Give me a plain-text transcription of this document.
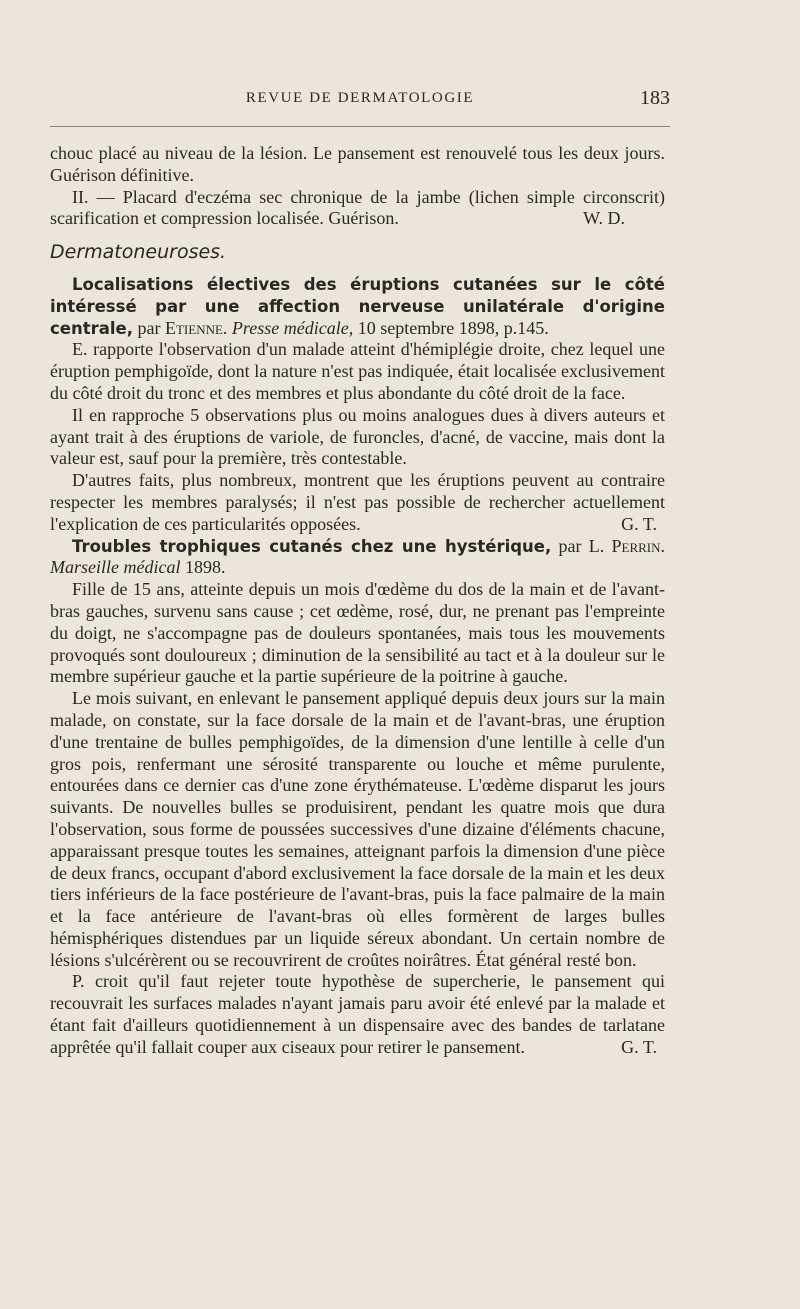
REVUE DE DERMATOLOGIE	183

chouc placé au niveau de la lésion. Le pansement est renouvelé tous les deux jours. Guérison définitive.

II. — Placard d'eczéma sec chronique de la jambe (lichen simple circonscrit) scarification et compression localisée. Guérison.	W. D.

Dermatoneuroses.

Localisations électives des éruptions cutanées sur le côté intéressé par une affection nerveuse unilatérale d'origine centrale, par Etienne. Presse médicale, 10 septembre 1898, p.145.

E. rapporte l'observation d'un malade atteint d'hémiplégie droite, chez lequel une éruption pemphigoïde, dont la nature n'est pas indiquée, était localisée exclusivement du côté droit du tronc et des membres et plus abondante du côté droit de la face.

Il en rapproche 5 observations plus ou moins analogues dues à divers auteurs et ayant trait à des éruptions de variole, de furoncles, d'acné, de vaccine, mais dont la valeur est, sauf pour la première, très contestable.

D'autres faits, plus nombreux, montrent que les éruptions peuvent au contraire respecter les membres paralysés; il n'est pas possible de rechercher actuellement l'explication de ces particularités opposées.	G. T.

Troubles trophiques cutanés chez une hystérique, par L. Perrin. Marseille médical 1898.

Fille de 15 ans, atteinte depuis un mois d'œdème du dos de la main et de l'avant-bras gauches, survenu sans cause ; cet œdème, rosé, dur, ne prenant pas l'empreinte du doigt, ne s'accompagne pas de douleurs spontanées, mais tous les mouvements provoqués sont douloureux ; diminution de la sensibilité au tact et à la douleur sur le membre supérieur gauche et la partie supérieure de la poitrine à gauche.

Le mois suivant, en enlevant le pansement appliqué depuis deux jours sur la main malade, on constate, sur la face dorsale de la main et de l'avant-bras, une éruption d'une trentaine de bulles pemphigoïdes, de la dimension d'une lentille à celle d'un gros pois, renfermant une sérosité transparente ou louche et même purulente, entourées dans ce dernier cas d'une zone érythémateuse. L'œdème disparut les jours suivants. De nouvelles bulles se produisirent, pendant les quatre mois que dura l'observation, sous forme de poussées successives d'une dizaine d'éléments chacune, apparaissant presque toutes les semaines, atteignant parfois la dimension d'une pièce de deux francs, occupant d'abord exclusivement la face dorsale de la main et les deux tiers inférieurs de la face postérieure de l'avant-bras, puis la face palmaire de la main et la face antérieure de l'avant-bras où elles formèrent de larges bulles hémisphériques distendues par un liquide séreux abondant. Un certain nombre de lésions s'ulcérèrent ou se recouvrirent de croûtes noirâtres. État général resté bon.

P. croit qu'il faut rejeter toute hypothèse de supercherie, le pansement qui recouvrait les surfaces malades n'ayant jamais paru avoir été enlevé par la malade et étant fait d'ailleurs quotidiennement à un dispensaire avec des bandes de tarlatane apprêtée qu'il fallait couper aux ciseaux pour retirer le pansement.	G. T.
